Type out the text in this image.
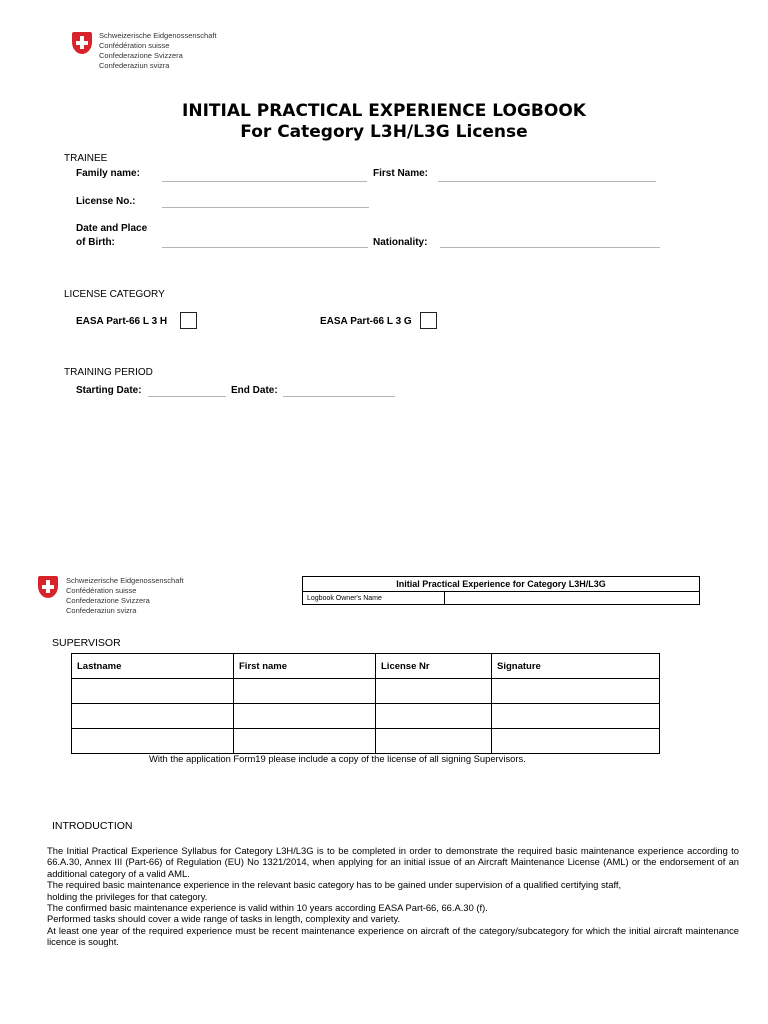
Schweizerische Eidgenossenschaft
Confédération suisse
Confederazione Svizzera
Confederaziun svizra
INITIAL PRACTICAL EXPERIENCE LOGBOOK
For Category L3H/L3G License
TRAINEE
Family name:	First Name:
License No.:
Date and Place
of Birth:	Nationality:
LICENSE CATEGORY
EASA Part-66 L 3 H	EASA Part-66 L 3 G
TRAINING PERIOD
Starting Date:	End Date:
Schweizerische Eidgenossenschaft
Confédération suisse
Confederazione Svizzera
Confederaziun svizra
Initial Practical Experience for Category L3H/L3G
Logbook Owner's Name	
SUPERVISOR
Lastname	First name	License Nr	Signature

With the application Form19 please include a copy of the license of all signing Supervisors.
INTRODUCTION

The Initial Practical Experience Syllabus for Category L3H/L3G is to be completed in order to demonstrate the required basic maintenance experience according to 66.A.30, Annex III (Part-66) of Regulation (EU) No 1321/2014, when applying for an initial issue of an Aircraft Maintenance License (AML) or the endorsement of an additional category of a valid AML.

The required basic maintenance experience in the relevant basic category has to be gained under supervision of a qualified certifying staff,

holding the privileges for that category.

The confirmed basic maintenance experience is valid within 10 years according EASA Part-66, 66.A.30 (f).

Performed tasks should cover a wide range of tasks in length, complexity and variety.

At least one year of the required experience must be recent maintenance experience on aircraft of the category/subcategory for which the initial aircraft maintenance licence is sought.
